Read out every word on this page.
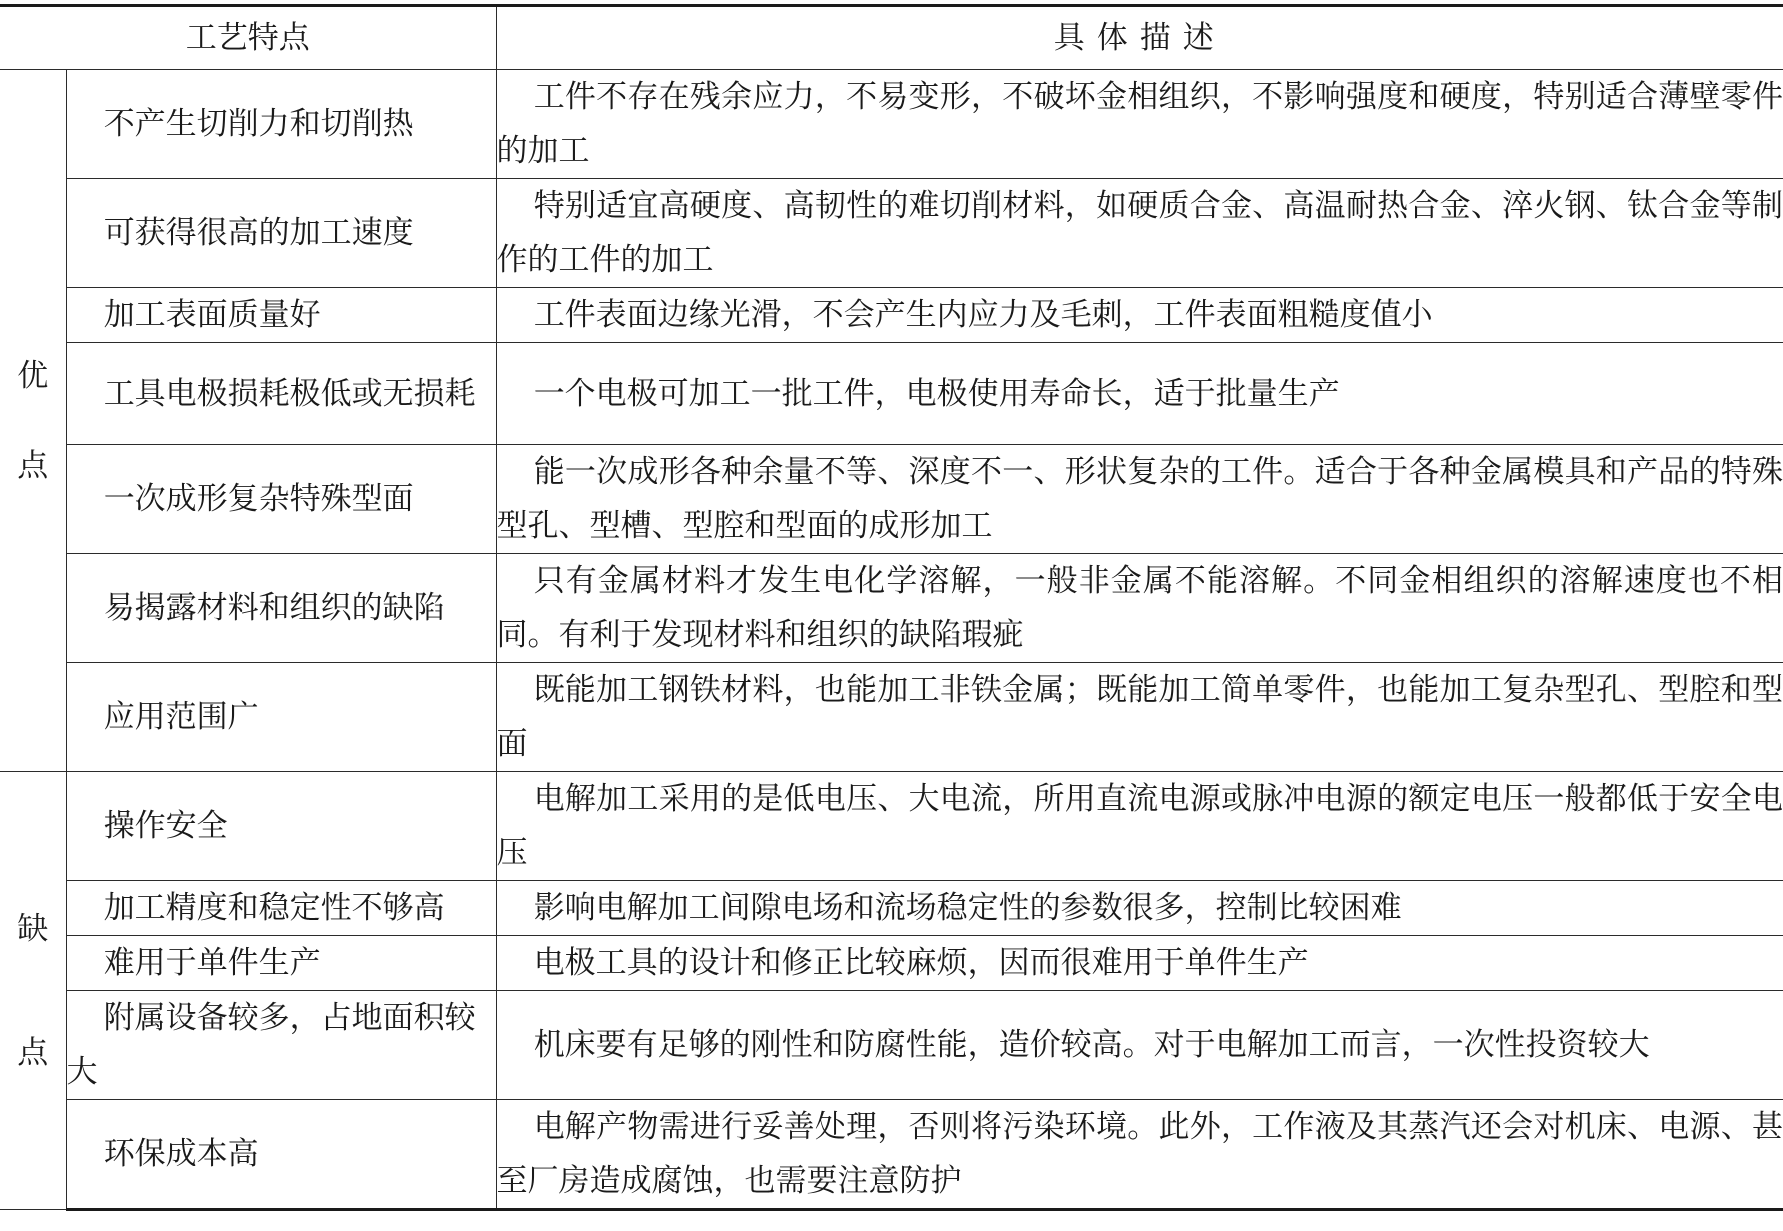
工艺特点		具体描述

优
点	不产生切削力和切削热	工件不存在残余应力，不易变形，不破坏金相组织，不影响强度和硬度，特别适合薄壁零件的加工
	可获得很高的加工速度	特别适宜高硬度、高韧性的难切削材料，如硬质合金、高温耐热合金、淬火钢、钛合金等制作的工件的加工
	加工表面质量好	工件表面边缘光滑，不会产生内应力及毛刺，工件表面粗糙度值小
	工具电极损耗极低或无损耗	一个电极可加工一批工件，电极使用寿命长，适于批量生产
	一次成形复杂特殊型面	能一次成形各种余量不等、深度不一、形状复杂的工件。适合于各种金属模具和产品的特殊型孔、型槽、型腔和型面的成形加工
	易揭露材料和组织的缺陷	只有金属材料才发生电化学溶解，一般非金属不能溶解。不同金相组织的溶解速度也不相同。有利于发现材料和组织的缺陷瑕疵
	应用范围广	既能加工钢铁材料，也能加工非铁金属；既能加工简单零件，也能加工复杂型孔、型腔和型面

缺
点	操作安全	电解加工采用的是低电压、大电流，所用直流电源或脉冲电源的额定电压一般都低于安全电压
	加工精度和稳定性不够高	影响电解加工间隙电场和流场稳定性的参数很多，控制比较困难
	难用于单件生产	电极工具的设计和修正比较麻烦，因而很难用于单件生产
	附属设备较多，占地面积较大	机床要有足够的刚性和防腐性能，造价较高。对于电解加工而言，一次性投资较大
	环保成本高	电解产物需进行妥善处理，否则将污染环境。此外，工作液及其蒸汽还会对机床、电源、甚至厂房造成腐蚀，也需要注意防护
